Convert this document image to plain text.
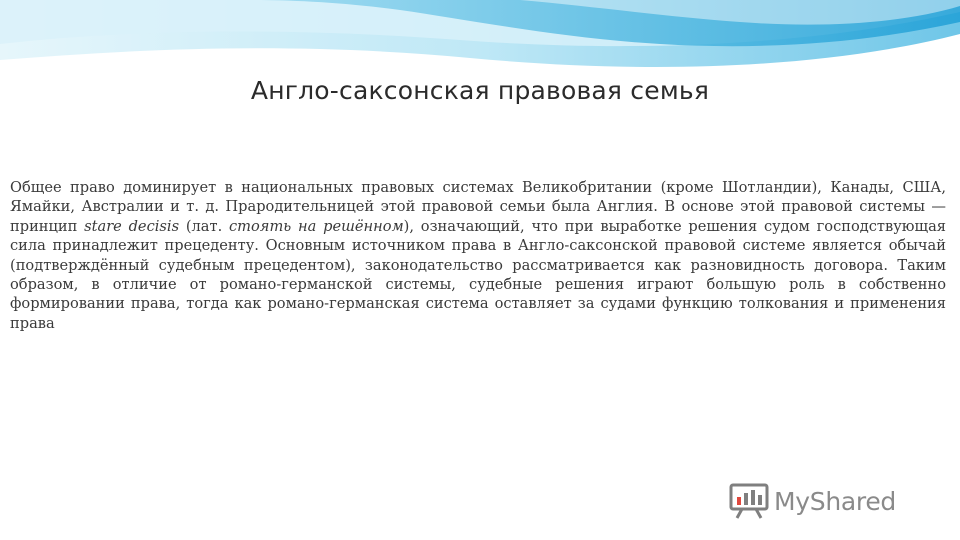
Англо-саксонская правовая семья

Общее право доминирует в национальных правовых системах Великобритании (кроме Шотландии), Канады, США, Ямайки, Австралии и т. д. Прародительницей этой правовой семьи была Англия. В основе этой правовой системы — принцип stare decisis (лат. стоять на решённом), означающий, что при выработке решения судом господствующая сила принадлежит прецеденту. Основным источником права в Англо-саксонской правовой системе является обычай (подтверждённый судебным прецедентом), законодательство рассматривается как разновидность договора. Таким образом, в отличие от романо-германской системы, судебные решения играют большую роль в собственно формировании права, тогда как романо-германская система оставляет за судами функцию толкования и применения права

MyShared
